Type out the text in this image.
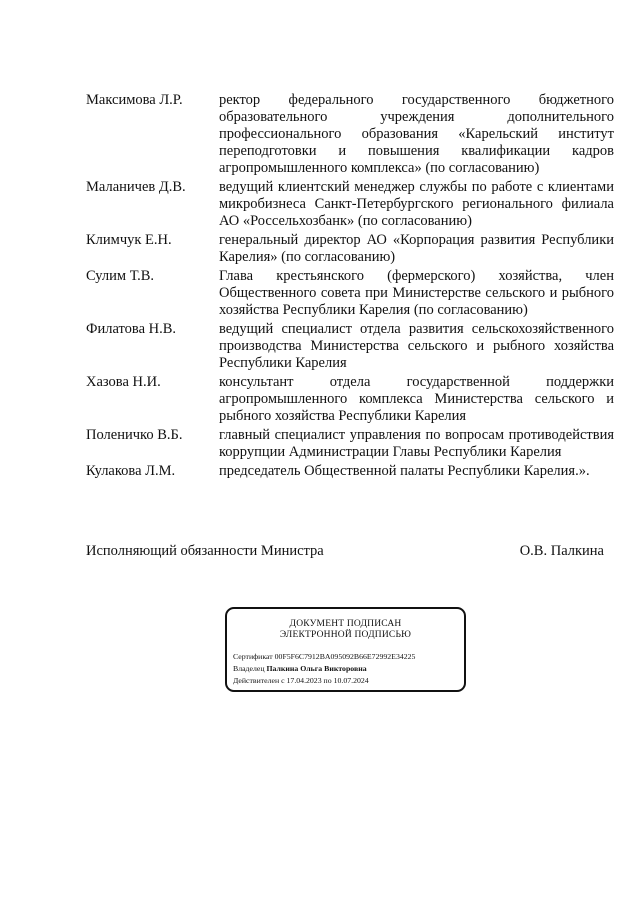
Максимова Л.Р.	ректор федерального государственного бюджетного образовательного учреждения дополнительного профессионального образования «Карельский институт переподготовки и повышения квалификации кадров агропромышленного комплекса» (по согласованию)
Маланичев Д.В.	ведущий клиентский менеджер службы по работе с клиентами микробизнеса Санкт-Петербургского регионального филиала АО «Россельхозбанк» (по согласованию)
Климчук Е.Н.	генеральный директор АО «Корпорация развития Республики Карелия» (по согласованию)
Сулим Т.В.	Глава крестьянского (фермерского) хозяйства, член Общественного совета при Министерстве сельского и рыбного хозяйства Республики Карелия (по согласованию)
Филатова Н.В.	ведущий специалист отдела развития сельскохозяйственного производства Министерства сельского и рыбного хозяйства Республики Карелия
Хазова Н.И.	консультант отдела государственной поддержки агропромышленного комплекса Министерства сельского и рыбного хозяйства Республики Карелия
Поленичко В.Б.	главный специалист управления по вопросам противодействия коррупции Администрации Главы Республики Карелия
Кулакова Л.М.	председатель Общественной палаты Республики Карелия.».
Исполняющий обязанности Министра	О.В. Палкина
ДОКУМЕНТ ПОДПИСАН
ЭЛЕКТРОННОЙ ПОДПИСЬЮ
Сертификат 00F5F6C7912BA095092B66E72992E34225
Владелец Палкина Ольга Викторовна
Действителен с 17.04.2023 по 10.07.2024
